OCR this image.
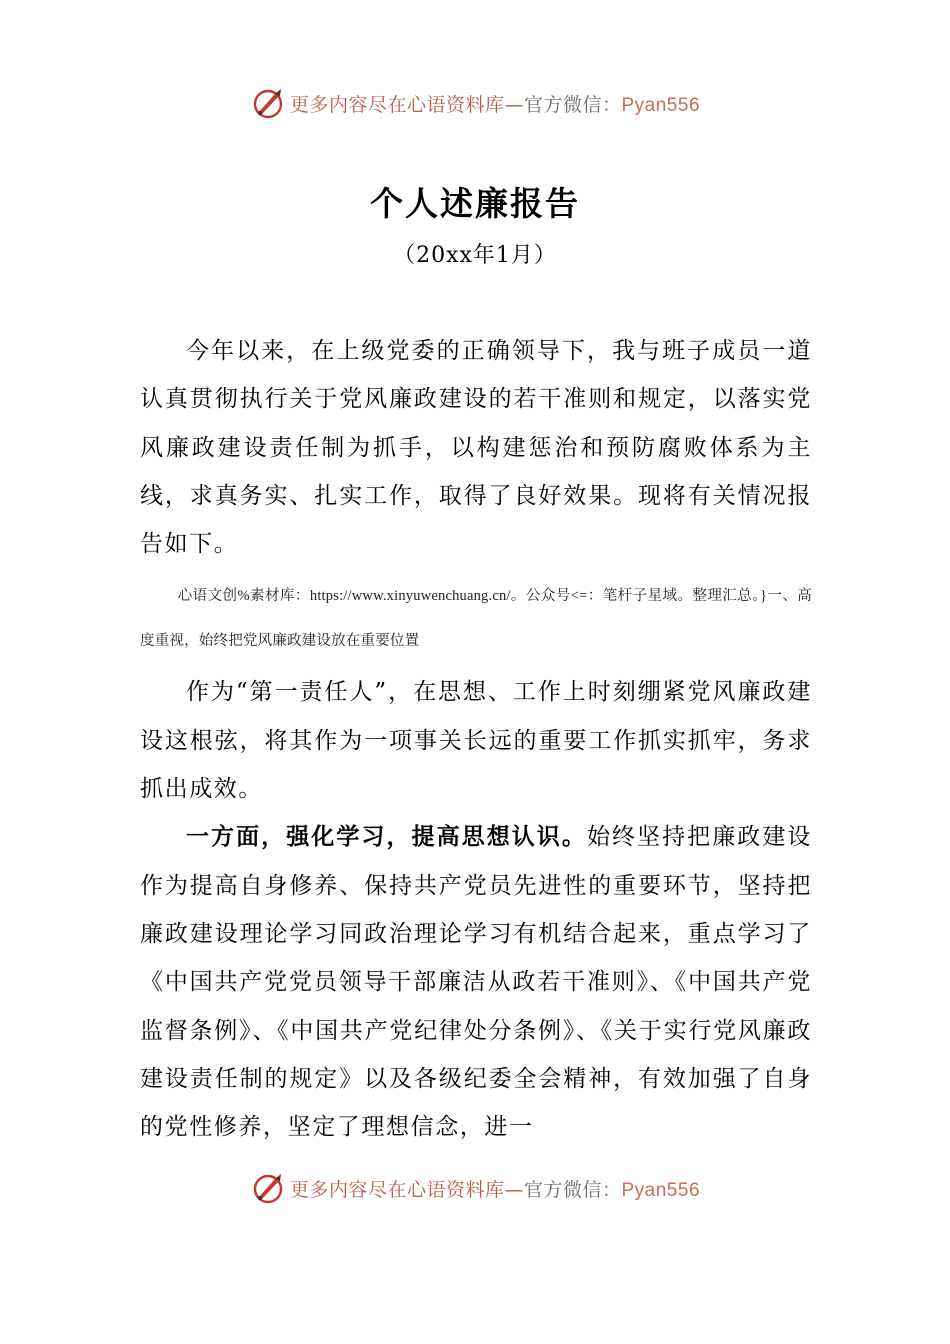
更多内容尽在心语资料库—官方微信：Pyan556
个人述廉报告
（20xx年1月）

今年以来，在上级党委的正确领导下，我与班子成员一道认真贯彻执行关于党风廉政建设的若干准则和规定，以落实党风廉政建设责任制为抓手，以构建惩治和预防腐败体系为主线，求真务实、扎实工作，取得了良好效果。现将有关情况报告如下。

心语文创%素材库：https://www.xinyuwenchuang.cn/。公众号<=：笔杆子星域。整理汇总。}一、高度重视，始终把党风廉政建设放在重要位置

作为“第一责任人”，在思想、工作上时刻绷紧党风廉政建设这根弦，将其作为一项事关长远的重要工作抓实抓牢，务求抓出成效。

一方面，强化学习，提高思想认识。始终坚持把廉政建设作为提高自身修养、保持共产党员先进性的重要环节，坚持把廉政建设理论学习同政治理论学习有机结合起来，重点学习了《中国共产党党员领导干部廉洁从政若干准则》、《中国共产党监督条例》、《中国共产党纪律处分条例》、《关于实行党风廉政建设责任制的规定》以及各级纪委全会精神，有效加强了自身的党性修养，坚定了理想信念，进一

更多内容尽在心语资料库—官方微信：Pyan556
